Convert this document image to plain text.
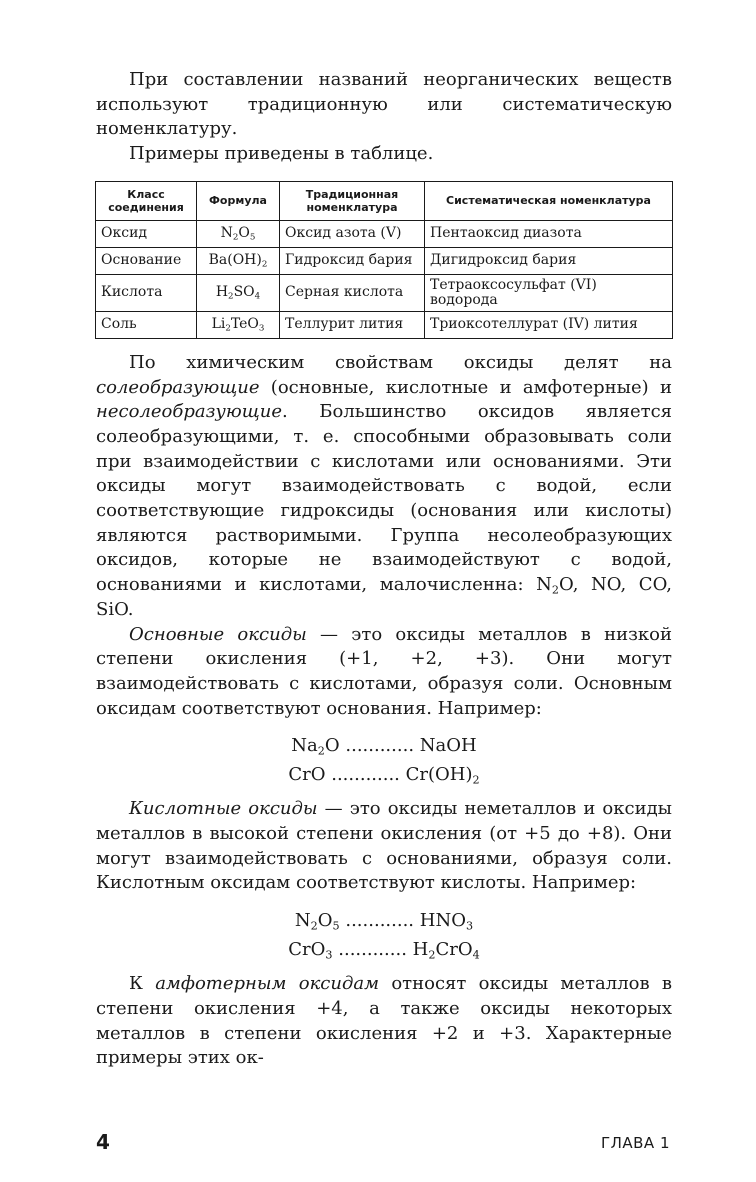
При составлении названий неорганических веществ используют традиционную или систематическую номенклатуру.

Примеры приведены в таблице.

Класс соединения	Формула	Традиционная номенклатура	Систематическая номенклатура
Оксид	$N_2O_5$	Оксид азота (V)	Пентаоксид диазота
Основание	$Ba(OH)_2$	Гидроксид бария	Дигидроксид бария
Кислота	$H_2SO_4$	Серная кислота	Тетраоксосульфат (VI) водорода
Соль	$Li_2TeO_3$	Теллурит лития	Триоксотеллурат (IV) лития

По химическим свойствам оксиды делят на солеобразующие (основные, кислотные и амфотерные) и несолеобразующие. Большинство оксидов является солеобразующими, т. е. способными образовывать соли при взаимодействии с кислотами или основаниями. Эти оксиды могут взаимодействовать с водой, если соответствующие гидроксиды (основания или кислоты) являются растворимыми. Группа несолеобразующих оксидов, которые не взаимодействуют с водой, основаниями и кислотами, малочисленна: $N_2O$, NO, CO, SiO.

Основные оксиды — это оксиды металлов в низкой степени окисления (+1, +2, +3). Они могут взаимодействовать с кислотами, образуя соли. Основным оксидам соответствуют основания. Например:

$Na_2O$ ............ NaOH
CrO ............ $Cr(OH)_2$

Кислотные оксиды — это оксиды неметаллов и оксиды металлов в высокой степени окисления (от +5 до +8). Они могут взаимодействовать с основаниями, образуя соли. Кислотным оксидам соответствуют кислоты. Например:

$N_2O_5$ ............ $HNO_3$
CrO$_3$ ............ $H_2CrO_4$

К амфотерным оксидам относят оксиды металлов в степени окисления +4, а также оксиды некоторых металлов в степени окисления +2 и +3. Характерные примеры этих ок-

4	ГЛАВА 1
